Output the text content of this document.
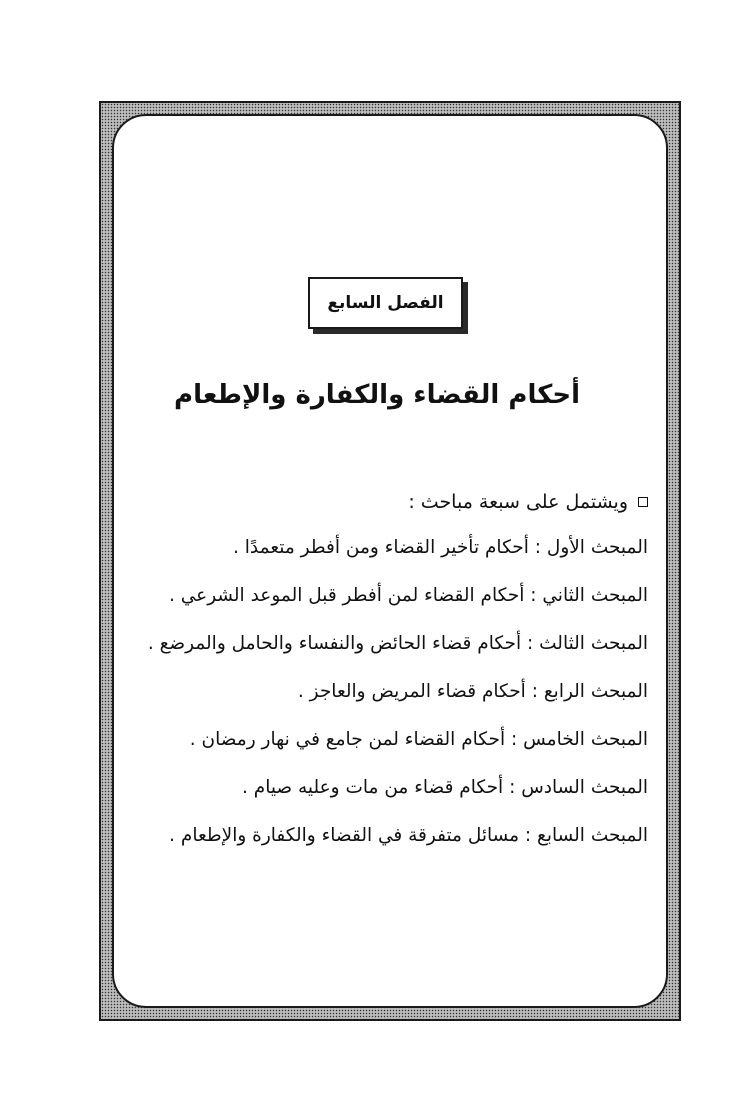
الفصل السابع
أحكام القضاء والكفارة والإطعام
ويشتمل على سبعة مباحث :
المبحث الأول : أحكام تأخير القضاء ومن أفطر متعمدًا .
المبحث الثاني : أحكام القضاء لمن أفطر قبل الموعد الشرعي .
المبحث الثالث : أحكام قضاء الحائض والنفساء والحامل والمرضع .
المبحث الرابع : أحكام قضاء المريض والعاجز .
المبحث الخامس : أحكام القضاء لمن جامع في نهار رمضان .
المبحث السادس : أحكام قضاء من مات وعليه صيام .
المبحث السابع : مسائل متفرقة في القضاء والكفارة والإطعام .
